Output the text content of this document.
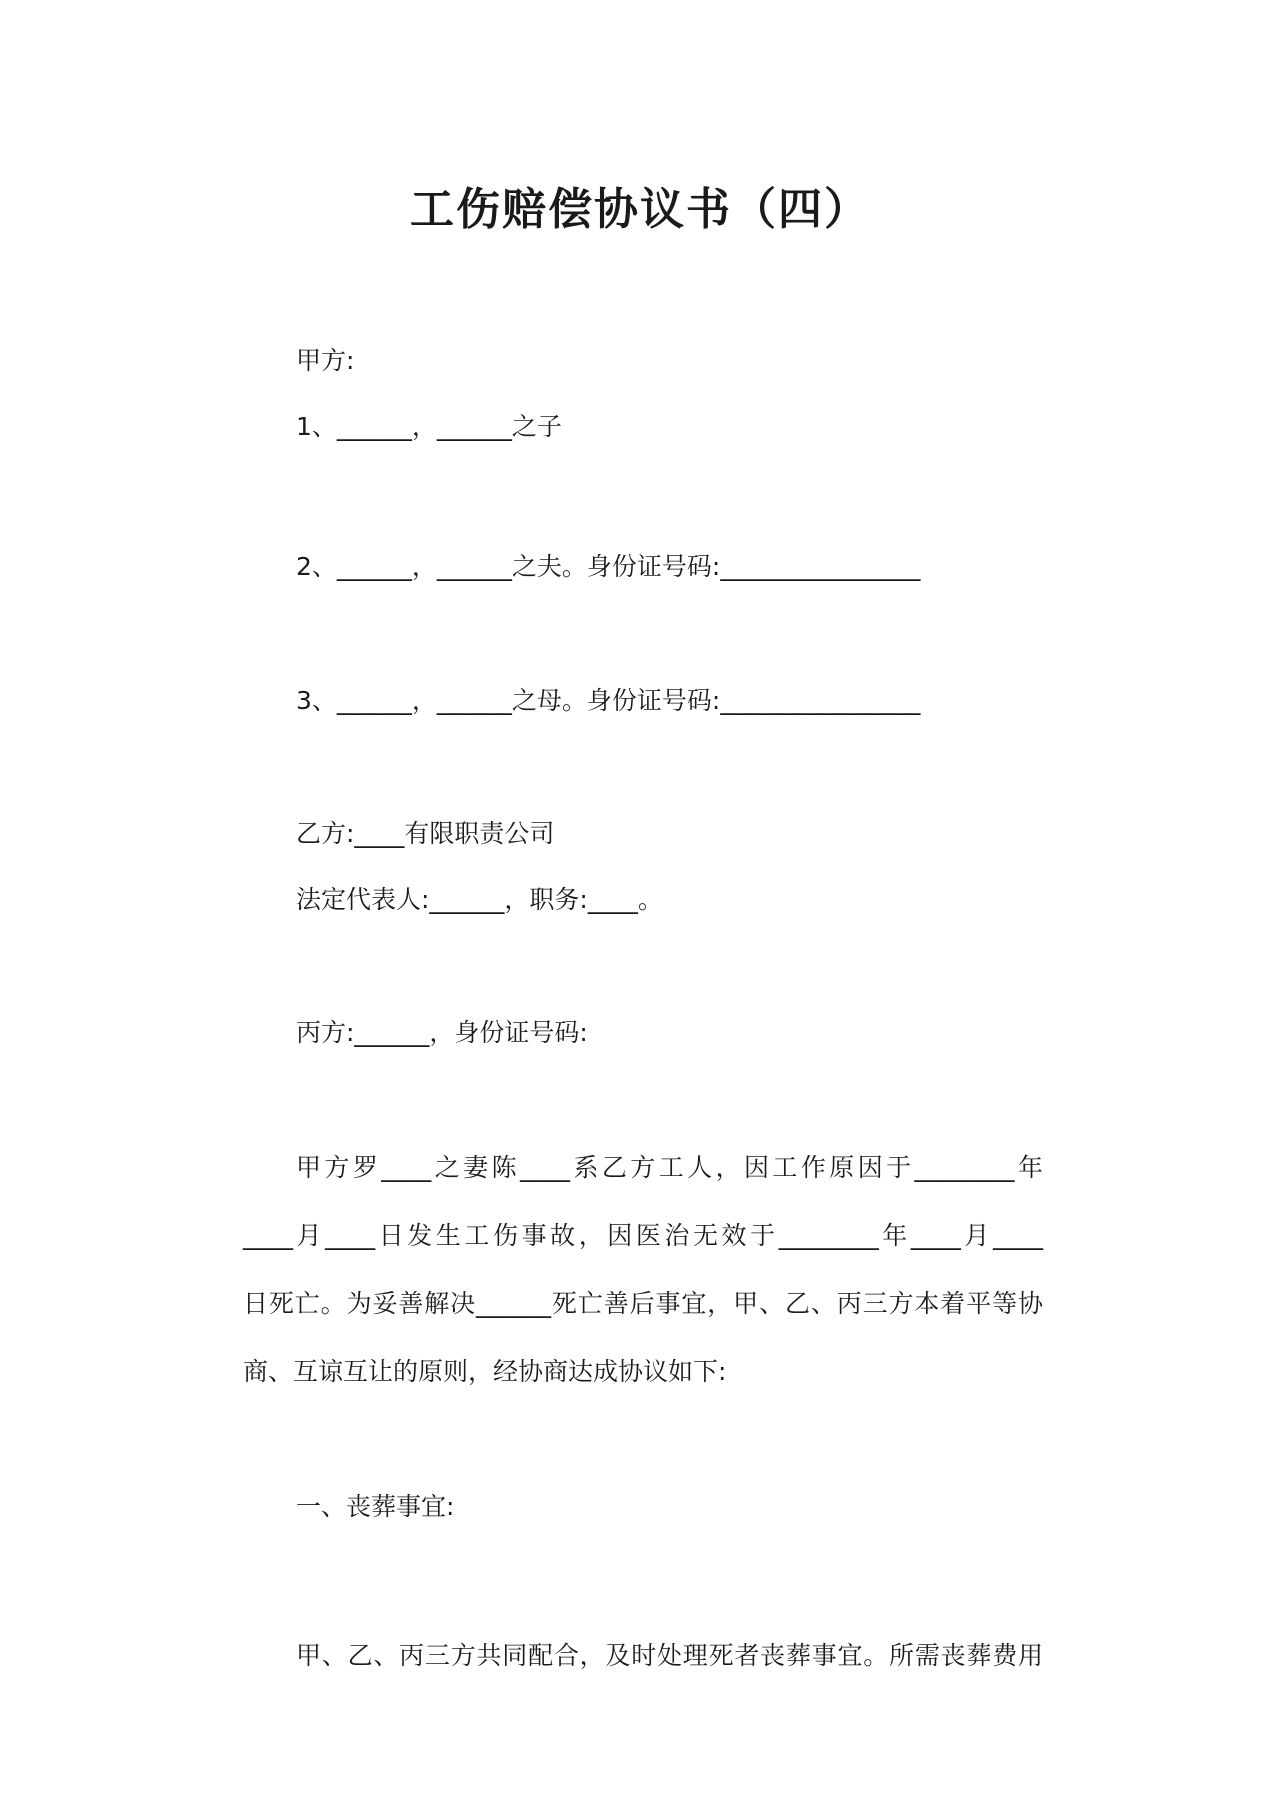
工伤赔偿协议书（四）
甲方:
1、______，______之子
2、______，______之夫。身份证号码:________________
3、______，______之母。身份证号码:________________
乙方:____有限职责公司
法定代表人:______，职务:____。
丙方:______，身份证号码:
甲方罗____之妻陈____系乙方工人，因工作原因于________年
____月____日发生工伤事故，因医治无效于________年____月____
日死亡。为妥善解决______死亡善后事宜，甲、乙、丙三方本着平等协
商、互谅互让的原则，经协商达成协议如下:
一、丧葬事宜:
甲、乙、丙三方共同配合，及时处理死者丧葬事宜。所需丧葬费用
